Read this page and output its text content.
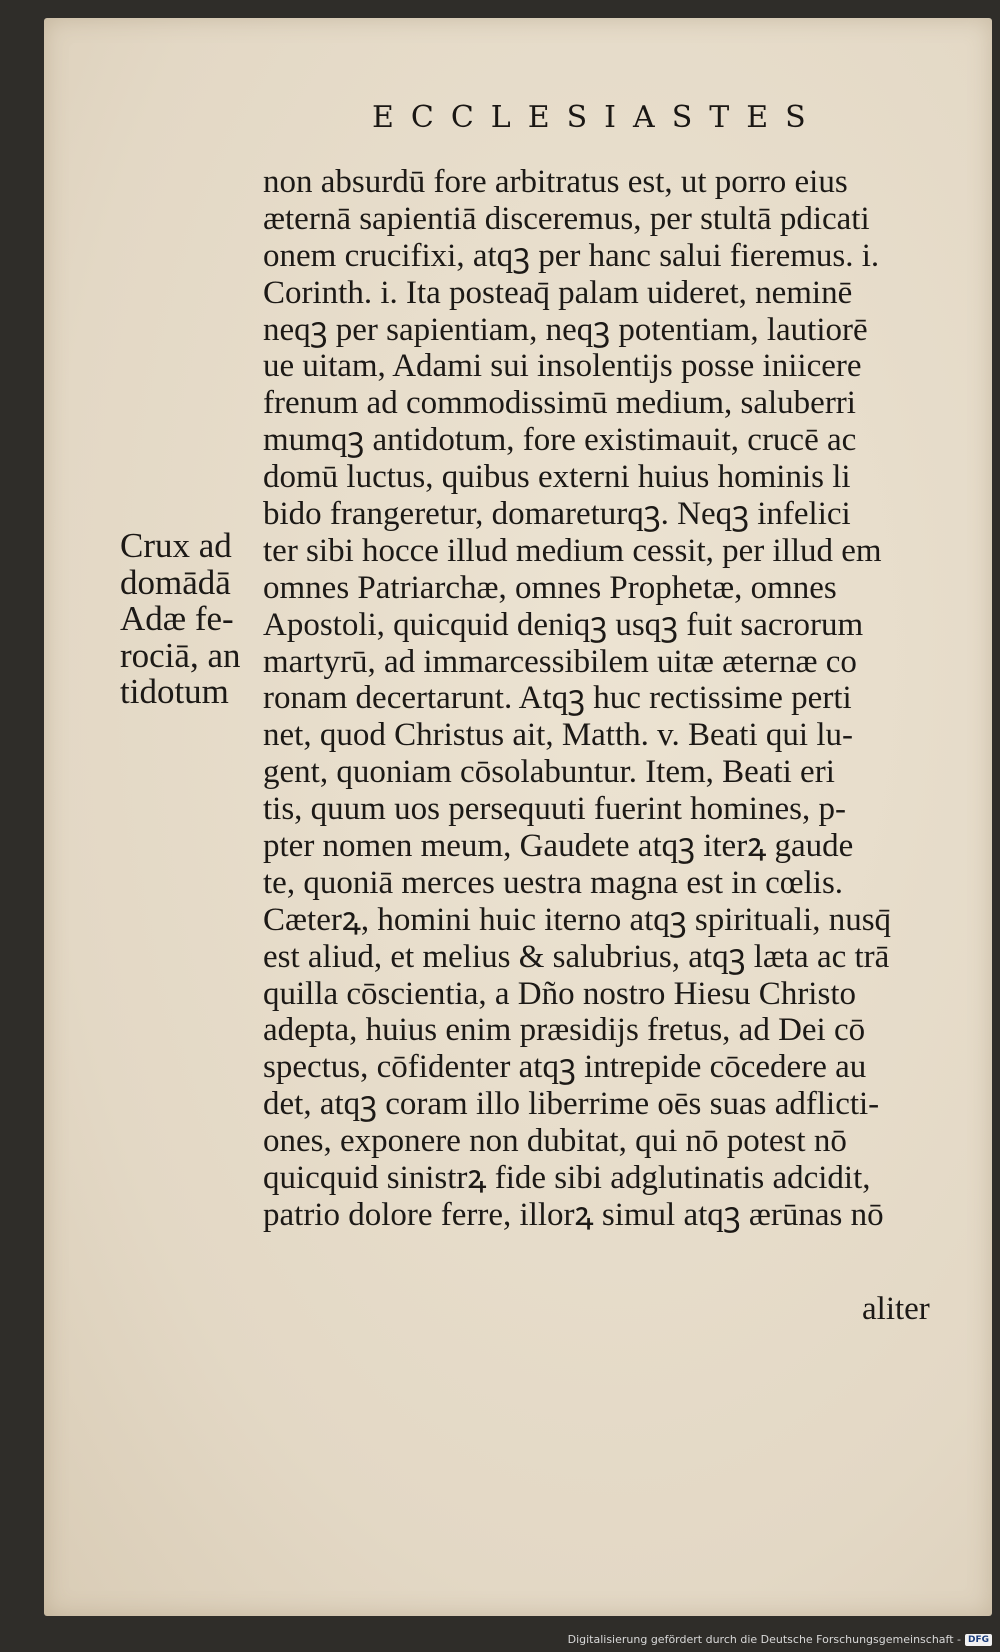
ECCLESIASTES
non absurdū fore arbitratus est, ut porro eius
æternā sapientiā disceremus, per stultā pdicati
onem crucifixi, atqꝫ per hanc salui fieremus. i.
Corinth. i. Ita posteaq̄ palam uideret, neminē
neqꝫ per sapientiam, neqꝫ potentiam, lautiorē
ue uitam, Adami sui insolentijs posse iniicere
frenum ad commodissimū medium, saluberri
mumqꝫ antidotum, fore existimauit, crucē ac
domū luctus, quibus externi huius hominis li
bido frangeretur, domareturqꝫ. Neqꝫ infelici
ter sibi hocce illud medium cessit, per illud em
omnes Patriarchæ, omnes Prophetæ, omnes
Apostoli, quicquid deniqꝫ usqꝫ fuit sacrorum
martyrū, ad immarcessibilem uitæ æternæ co
ronam decertarunt. Atqꝫ huc rectissime perti
net, quod Christus ait, Matth. v. Beati qui lu-
gent, quoniam cōsolabuntur. Item, Beati eri
tis, quum uos persequuti fuerint homines, p-
pter nomen meum, Gaudete atqꝫ iterꝝ gaude
te, quoniā merces uestra magna est in cœlis.
Cæterꝝ, homini huic iterno atqꝫ spirituali, nusq̄
est aliud, et melius & salubrius, atqꝫ læta ac trā
quilla cōscientia, a Dño nostro Hiesu Christo
adepta, huius enim præsidijs fretus, ad Dei cō
spectus, cōfidenter atqꝫ intrepide cōcedere au
det, atqꝫ coram illo liberrime oēs suas adflicti-
ones, exponere non dubitat, qui nō potest nō
quicquid sinistrꝝ fide sibi adglutinatis adcidit,
patrio dolore ferre, illorꝝ simul atqꝫ ærūnas nō
aliter
Crux ad
domādā
Adæ fe-
rociā, an
tidotum
Digitalisierung gefördert durch die Deutsche Forschungsgemeinschaft - DFG
